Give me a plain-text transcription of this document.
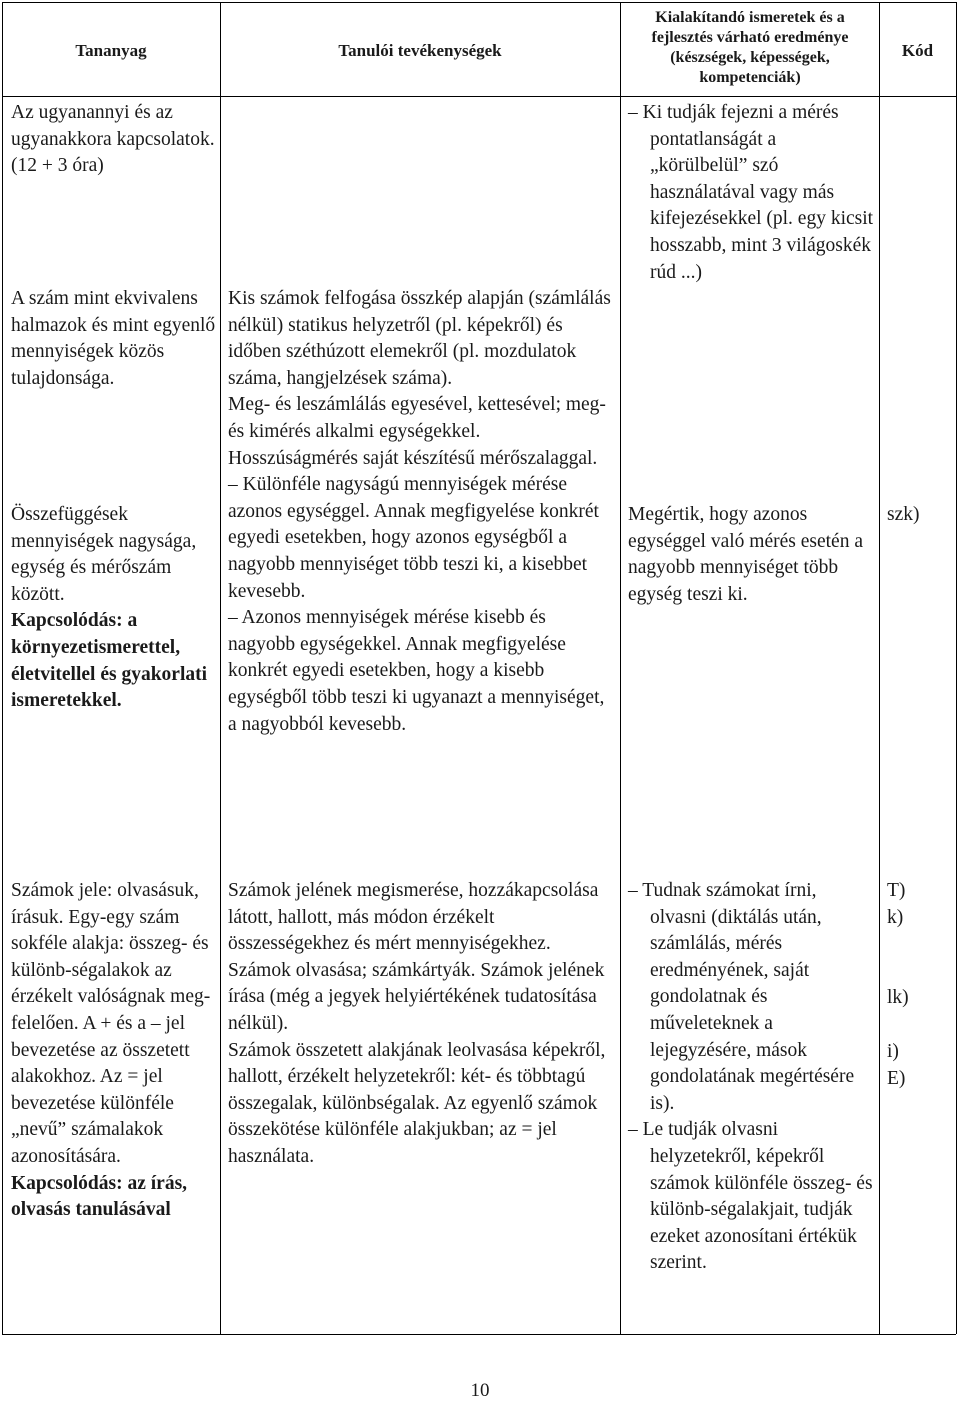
Tananyag	Tanulói tevékenységek
Kialakítandó ismeretek és a fejlesztés várható eredménye (készségek, képességek, kompetenciák)
Kód

Az ugyanannyi és az ugyanakkora kapcsolatok. (12 + 3 óra)

A szám mint ekvivalens halmazok és mint egyenlő mennyiségek közös tulajdonsága.

Összefüggések mennyiségek nagysága, egység és mérőszám között.

Kapcsolódás: a környezetismerettel, életvitellel és gyakorlati ismeretekkel.

Számok jele: olvasásuk, írásuk. Egy-egy szám sokféle alakja: összeg- és különb-ségalakok az érzékelt valóságnak meg-felelően. A + és a – jel bevezetése az összetett alakokhoz. Az = jel bevezetése különféle „nevű” számalakok azonosítására.

Kapcsolódás: az írás, olvasás tanulásával

Kis számok felfogása összkép alapján (számlálás nélkül) statikus helyzetről (pl. képekről) és időben széthúzott elemekről (pl. mozdulatok száma, hangjelzések száma).

Meg- és leszámlálás egyesével, kettesével; meg- és kimérés alkalmi egységekkel.

Hosszúságmérés saját készítésű mérőszalaggal.

– Különféle nagyságú mennyiségek mérése azonos egységgel. Annak megfigyelése konkrét egyedi esetekben, hogy azonos egységből a nagyobb mennyiséget több teszi ki, a kisebbet kevesebb.

– Azonos mennyiségek mérése kisebb és nagyobb egységekkel. Annak megfigyelése konkrét egyedi esetekben, hogy a kisebb egységből több teszi ki ugyanazt a mennyiséget, a nagyobból kevesebb.

Számok jelének megismerése, hozzákapcsolása látott, hallott, más módon érzékelt összességekhez és mért mennyiségekhez. Számok olvasása; számkártyák. Számok jelének írása (még a jegyek helyiértékének tudatosítása nélkül).

Számok összetett alakjának leolvasása képekről, hallott, érzékelt helyzetekről: két- és többtagú összegalak, különbségalak. Az egyenlő számok összekötése különféle alakjukban; az = jel használata.

– Ki tudják fejezni a mérés pontatlanságát a „körülbelül” szó használatával vagy más kifejezésekkel (pl. egy kicsit hosszabb, mint 3 világoskék rúd ...)

Megértik, hogy azonos egységgel való mérés esetén a nagyobb mennyiséget több egység teszi ki.

– Tudnak számokat írni, olvasni (diktálás után, számlálás, mérés eredményének, saját gondolatnak és műveleteknek a lejegyzésére, mások gondolatának megértésére is).

– Le tudják olvasni helyzetekről, képekről számok különféle összeg- és különb-ségalakjait, tudják ezeket azonosítani értékük szerint.

szk)
T)
k)
lk)
i)
E)
10
